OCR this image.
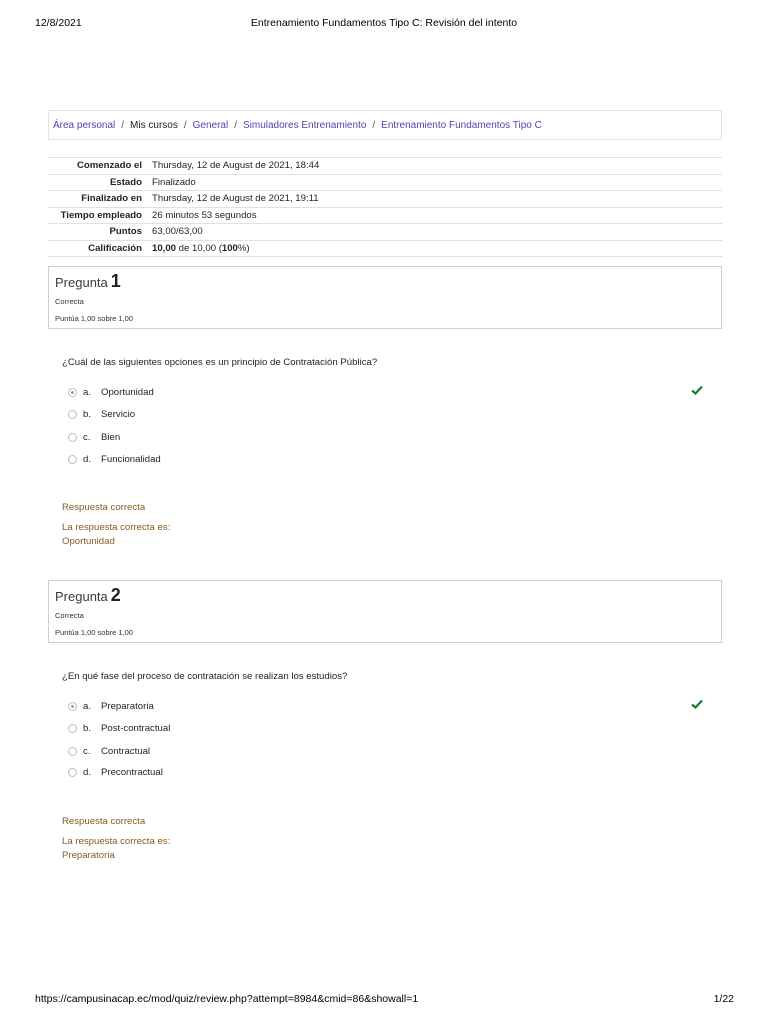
12/8/2021	Entrenamiento Fundamentos Tipo C: Revisión del intento
Área personal / Mis cursos / General / Simuladores Entrenamiento / Entrenamiento Fundamentos Tipo C
Comenzado el	Thursday, 12 de August de 2021, 18:44
Estado	Finalizado
Finalizado en	Thursday, 12 de August de 2021, 19:11
Tiempo empleado	26 minutos 53 segundos
Puntos	63,00/63,00
Calificación	10,00 de 10,00 (100%)
Pregunta 1
Correcta
Puntúa 1,00 sobre 1,00
¿Cuál de las siguientes opciones es un principio de Contratación Pública?
a.	Oportunidad
b.	Servicio
c.	Bien
d.	Funcionalidad
Respuesta correcta
La respuesta correcta es:
Oportunidad
Pregunta 2
Correcta
Puntúa 1,00 sobre 1,00
¿En qué fase del proceso de contratación se realizan los estudios?
a.	Preparatoria
b.	Post-contractual
c.	Contractual
d.	Precontractual
Respuesta correcta
La respuesta correcta es:
Preparatoria
https://campusinacap.ec/mod/quiz/review.php?attempt=8984&cmid=86&showall=1	1/22
